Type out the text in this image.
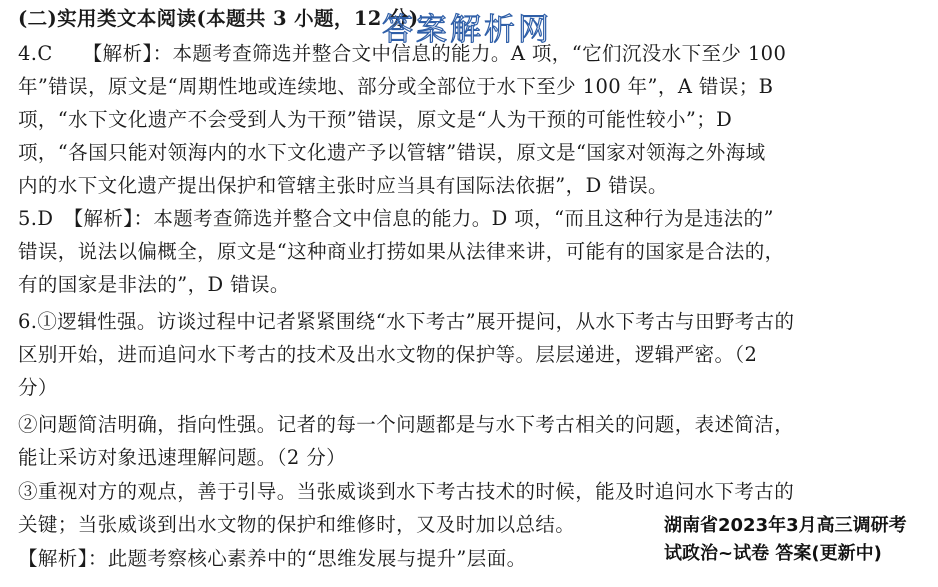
(二)实用类文本阅读(本题共 3 小题，12 分)
4.C　　【解析】：本题考查筛选并整合文中信息的能力。A 项，“它们沉没水下至少 100
年”错误，原文是“周期性地或连续地、部分或全部位于水下至少 100 年”，A 错误；B
项，“水下文化遗产不会受到人为干预”错误，原文是“人为干预的可能性较小”；D
项，“各国只能对领海内的水下文化遗产予以管辖”错误，原文是“国家对领海之外海域
内的水下文化遗产提出保护和管辖主张时应当具有国际法依据”，D 错误。
5.D　【解析】：本题考查筛选并整合文中信息的能力。D 项，“而且这种行为是违法的”
错误，说法以偏概全，原文是“这种商业打捞如果从法律来讲，可能有的国家是合法的，
有的国家是非法的”，D 错误。
6.①逻辑性强。访谈过程中记者紧紧围绕“水下考古”展开提问，从水下考古与田野考古的
区别开始，进而追问水下考古的技术及出水文物的保护等。层层递进，逻辑严密。（2
分）
②问题简洁明确，指向性强。记者的每一个问题都是与水下考古相关的问题，表述简洁，
能让采访对象迅速理解问题。（2 分）
③重视对方的观点，善于引导。当张威谈到水下考古技术的时候，能及时追问水下考古的
关键；当张威谈到出水文物的保护和维修时，又及时加以总结。
【解析】：此题考察核心素养中的“思维发展与提升”层面。
答案解析网
湖南省2023年3月高三调研考
试政治~试卷 答案(更新中)
